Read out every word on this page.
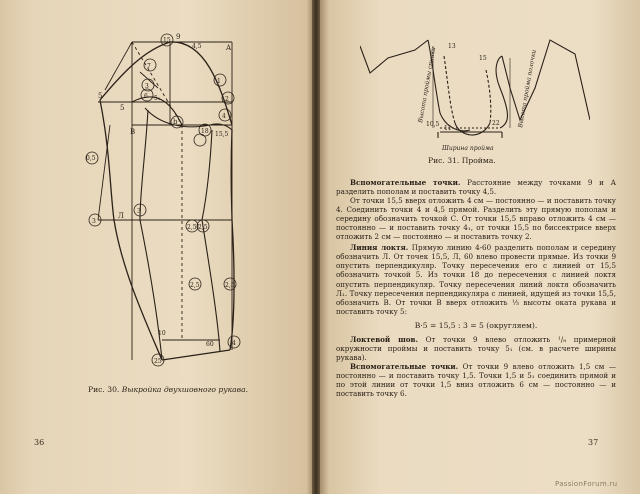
15 9
4,5	A
1
7
3
6	2
5
5
5₁
4
B
b
15,5
0,5
3
Л
3
2,5 2,5
2,5	2,5
10
60	4
25
18
Рис. 30. Выкройка двухшовного рукава.
36
13
15
10,5
11
22
Высота проймы спинки	Высота пройма полочки
Ширина пройма
Рис. 31. Пройма.

Вспомогательные точки. Расстояние между точками 9 и А разделить пополам и поставить точку 4,5.

От точки 15,5 вверх отложить 4 см — постоянно — и поставить точку 4. Соединить точки 4 и 4,5 прямой. Разделить эту прямую пополам и середину обозначить точкой С. От точки 15,5 вправо отложить 4 см — постоянно — и поставить точку 4₁, от точки 15,5 по биссектрисе вверх отложить 2 см — постоянно — и поставить точку 2.

Линия локтя. Прямую линию 4-60 разделить пополам и середину обозначить Л. От точек 15,5, Л, 60 влево провести прямые. Из точки 9 опустить перпендикуляр. Точку пересечения его с линией от 15,5 обозначить точкой 5. Из точки 18 до пересечения с линией локтя опустить перпендикуляр. Точку пересечения линий локтя обозначить Л₁. Точку пересечения перпендикуляра с линией, идущей из точки 15,5, обозначить В. От точки В вверх отложить ⅓ высоты оката рукава и поставить точку 5:

В·5 = 15,5 : 3 = 5 (округляем).

Локтевой шов. От точки 9 влево отложить ¹/₈ примерной окружности проймы и поставить точку 5₁ (см. в расчете ширины рукава).

Вспомогательные точки. От точки 9 влево отложить 1,5 см — постоянно — и поставить точку 1,5. Точки 1,5 и 5₁ соединить прямой и по этой линии от точки 1,5 вниз отложить 6 см — постоянно — и поставить точку 6.

37
PassionForum.ru
